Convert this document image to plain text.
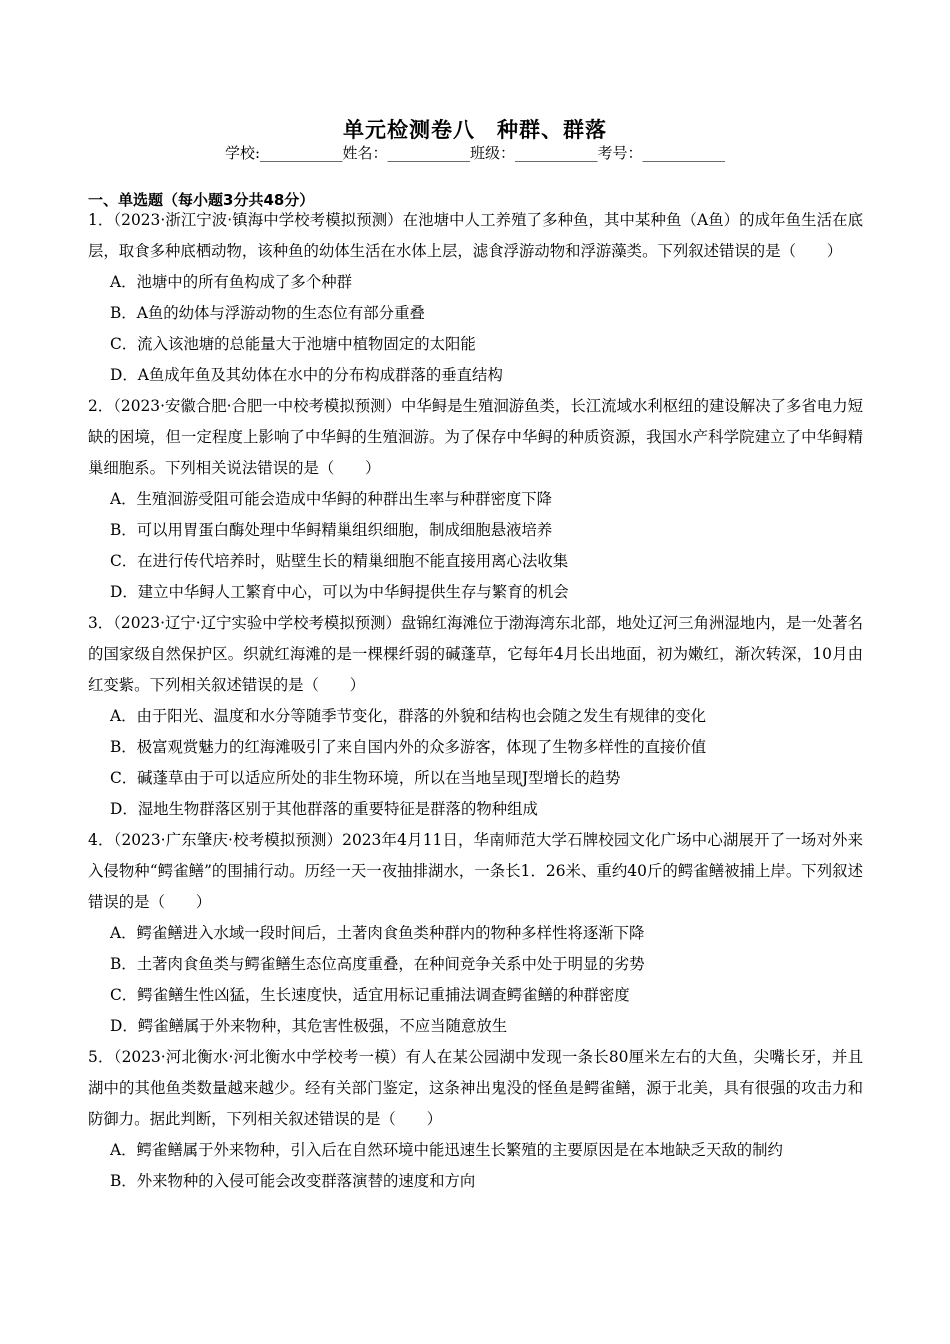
单元检测卷八　种群、群落
学校:___________姓名：___________班级：___________考号：___________
一、单选题（每小题3分共48分）

1．（2023·浙江宁波·镇海中学校考模拟预测）在池塘中人工养殖了多种鱼，其中某种鱼（A鱼）的成年鱼生活在底层，取食多种底栖动物，该种鱼的幼体生活在水体上层，滤食浮游动物和浮游藻类。下列叙述错误的是（　　）

A．池塘中的所有鱼构成了多个种群
B．A鱼的幼体与浮游动物的生态位有部分重叠
C．流入该池塘的总能量大于池塘中植物固定的太阳能
D．A鱼成年鱼及其幼体在水中的分布构成群落的垂直结构

2．（2023·安徽合肥·合肥一中校考模拟预测）中华鲟是生殖洄游鱼类，长江流域水利枢纽的建设解决了多省电力短缺的困境，但一定程度上影响了中华鲟的生殖洄游。为了保存中华鲟的种质资源，我国水产科学院建立了中华鲟精巢细胞系。下列相关说法错误的是（　　）

A．生殖洄游受阻可能会造成中华鲟的种群出生率与种群密度下降
B．可以用胃蛋白酶处理中华鲟精巢组织细胞，制成细胞悬液培养
C．在进行传代培养时，贴壁生长的精巢细胞不能直接用离心法收集
D．建立中华鲟人工繁育中心，可以为中华鲟提供生存与繁育的机会

3．（2023·辽宁·辽宁实验中学校考模拟预测）盘锦红海滩位于渤海湾东北部，地处辽河三角洲湿地内，是一处著名的国家级自然保护区。织就红海滩的是一棵棵纤弱的碱蓬草，它每年4月长出地面，初为嫩红，渐次转深，10月由红变紫。下列相关叙述错误的是（　　）

A．由于阳光、温度和水分等随季节变化，群落的外貌和结构也会随之发生有规律的变化
B．极富观赏魅力的红海滩吸引了来自国内外的众多游客，体现了生物多样性的直接价值
C．碱蓬草由于可以适应所处的非生物环境，所以在当地呈现J型增长的趋势
D．湿地生物群落区别于其他群落的重要特征是群落的物种组成

4．（2023·广东肇庆·校考模拟预测）2023年4月11日，华南师范大学石牌校园文化广场中心湖展开了一场对外来入侵物种“鳄雀鳝”的围捕行动。历经一天一夜抽排湖水，一条长1．26米、重约40斤的鳄雀鳝被捕上岸。下列叙述错误的是（　　）

A．鳄雀鳝进入水域一段时间后，土著肉食鱼类种群内的物种多样性将逐渐下降
B．土著肉食鱼类与鳄雀鳝生态位高度重叠，在种间竞争关系中处于明显的劣势
C．鳄雀鳝生性凶猛，生长速度快，适宜用标记重捕法调查鳄雀鳝的种群密度
D．鳄雀鳝属于外来物种，其危害性极强，不应当随意放生

5．（2023·河北衡水·河北衡水中学校考一模）有人在某公园湖中发现一条长80厘米左右的大鱼，尖嘴长牙，并且湖中的其他鱼类数量越来越少。经有关部门鉴定，这条神出鬼没的怪鱼是鳄雀鳝，源于北美，具有很强的攻击力和防御力。据此判断，下列相关叙述错误的是（　　）

A．鳄雀鳝属于外来物种，引入后在自然环境中能迅速生长繁殖的主要原因是在本地缺乏天敌的制约
B．外来物种的入侵可能会改变群落演替的速度和方向
